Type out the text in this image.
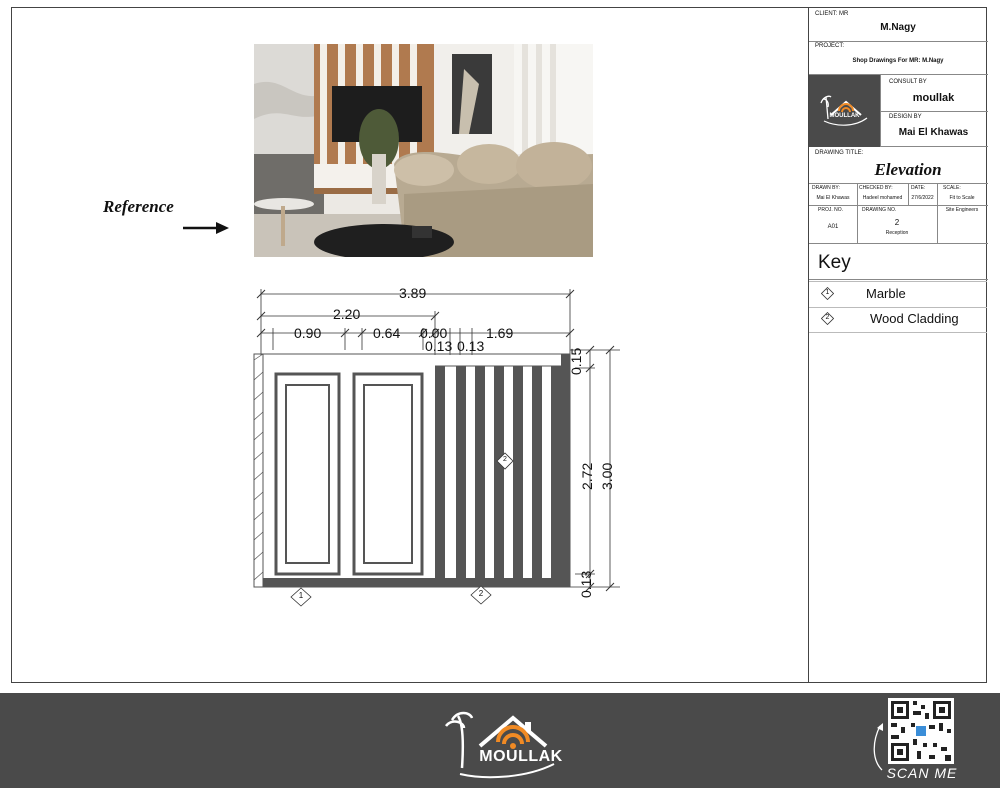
Reference
3.89
2.20
0.90	0.64 0.00	1.69
0.13 0.13
0.15
2.72 3.00
0.13
1	2
2
CLIENT: MR
M.Nagy
PROJECT:
Shop Drawings For MR: M.Nagy
MOULLAK
CONSULT BY
moullak
DESIGN BY
Mai El Khawas
DRAWING TITLE:
Elevation
DRAWN BY:
Mai El Khawas
CHECKED BY:
Hadeel mohamed
DATE:
27/6/2022
SCALE:
Fit to Scale
PROJ. NO.
A01
DRAWING NO.
2
Reception
Site Engineers
Key
1	Marble
2	Wood Cladding
MOULLAK
SCAN ME
